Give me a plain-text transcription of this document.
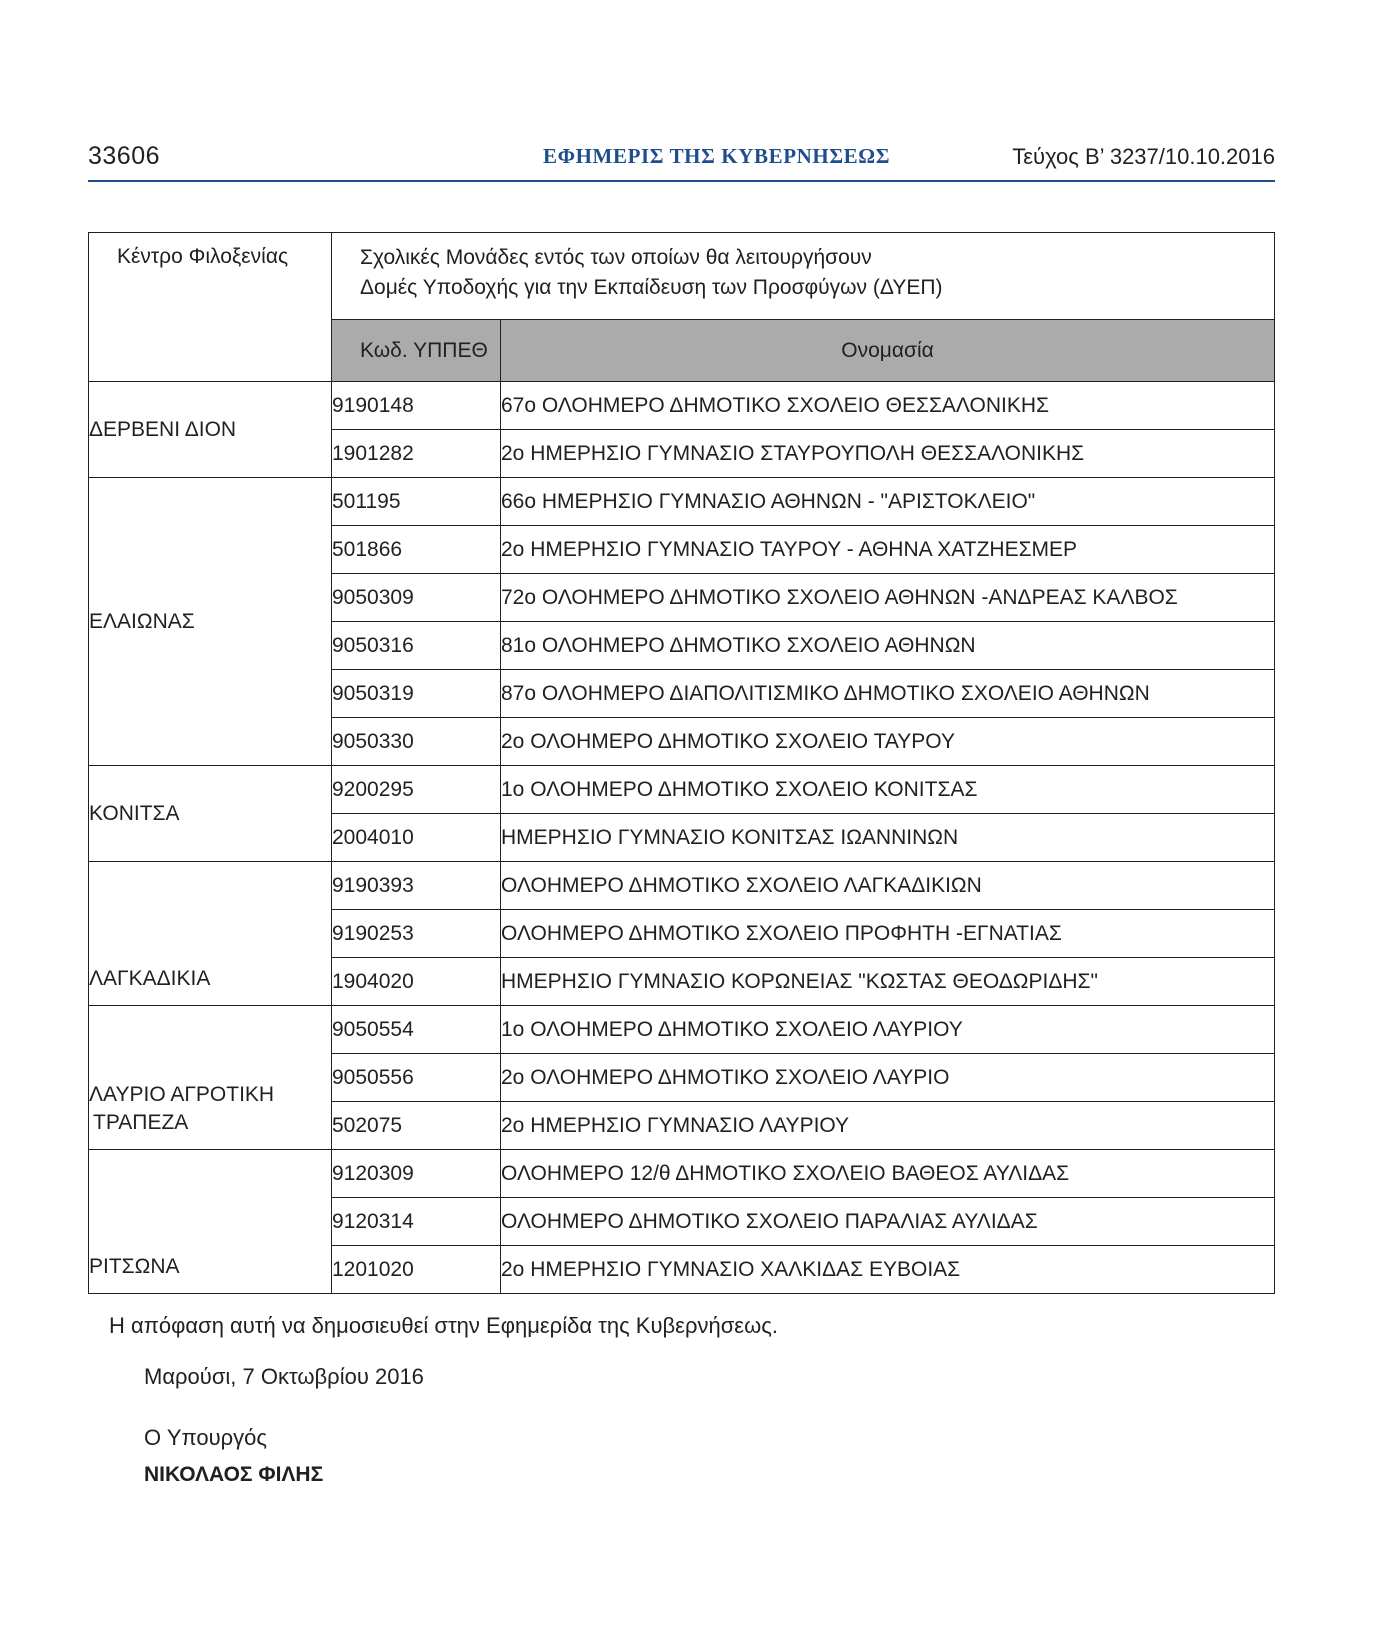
33606	ΕΦΗΜΕΡΙΣ ΤΗΣ ΚΥΒΕΡΝΗΣΕΩΣ	Τεύχος Β’ 3237/10.10.2016
Κέντρο Φιλοξενίας	Σχολικές Μονάδες εντός των οποίων θα λειτουργήσουν
Δομές Υποδοχής για την Εκπαίδευση των Προσφύγων (ΔΥΕΠ)	
	Κωδ. ΥΠΠΕΘ	Ονομασία

ΔΕΡΒΕΝΙ ΔΙΟΝ	9190148	67ο ΟΛΟΗΜΕΡΟ ΔΗΜΟΤΙΚΟ ΣΧΟΛΕΙΟ ΘΕΣΣΑΛΟΝΙΚΗΣ
	1901282	2ο ΗΜΕΡΗΣΙΟ ΓΥΜΝΑΣΙΟ ΣΤΑΥΡΟΥΠΟΛΗ ΘΕΣΣΑΛΟΝΙΚΗΣ

ΕΛΑΙΩΝΑΣ	501195	66ο ΗΜΕΡΗΣΙΟ ΓΥΜΝΑΣΙΟ ΑΘΗΝΩΝ - "ΑΡΙΣΤΟΚΛΕΙΟ"
	501866	2ο ΗΜΕΡΗΣΙΟ ΓΥΜΝΑΣΙΟ ΤΑΥΡΟΥ - ΑΘΗΝΑ ΧΑΤΖΗΕΣΜΕΡ
	9050309	72ο ΟΛΟΗΜΕΡΟ ΔΗΜΟΤΙΚΟ ΣΧΟΛΕΙΟ ΑΘΗΝΩΝ -ΑΝΔΡΕΑΣ ΚΑΛΒΟΣ
	9050316	81ο ΟΛΟΗΜΕΡΟ ΔΗΜΟΤΙΚΟ ΣΧΟΛΕΙΟ ΑΘΗΝΩΝ
	9050319	87ο ΟΛΟΗΜΕΡΟ ΔΙΑΠΟΛΙΤΙΣΜΙΚΟ ΔΗΜΟΤΙΚΟ ΣΧΟΛΕΙΟ ΑΘΗΝΩΝ
	9050330	2ο ΟΛΟΗΜΕΡΟ ΔΗΜΟΤΙΚΟ ΣΧΟΛΕΙΟ ΤΑΥΡΟΥ

ΚΟΝΙΤΣΑ	9200295	1ο ΟΛΟΗΜΕΡΟ ΔΗΜΟΤΙΚΟ ΣΧΟΛΕΙΟ ΚΟΝΙΤΣΑΣ
	2004010	ΗΜΕΡΗΣΙΟ ΓΥΜΝΑΣΙΟ ΚΟΝΙΤΣΑΣ ΙΩΑΝΝΙΝΩΝ

ΛΑΓΚΑΔΙΚΙΑ	9190393	ΟΛΟΗΜΕΡΟ ΔΗΜΟΤΙΚΟ ΣΧΟΛΕΙΟ ΛΑΓΚΑΔΙΚΙΩΝ
	9190253	ΟΛΟΗΜΕΡΟ ΔΗΜΟΤΙΚΟ ΣΧΟΛΕΙΟ ΠΡΟΦΗΤΗ -ΕΓΝΑΤΙΑΣ
	1904020	ΗΜΕΡΗΣΙΟ ΓΥΜΝΑΣΙΟ ΚΟΡΩΝΕΙΑΣ "ΚΩΣΤΑΣ ΘΕΟΔΩΡΙΔΗΣ"

ΛΑΥΡΙΟ ΑΓΡΟΤΙΚΗ
ΤΡΑΠΕΖΑ	9050554	1ο ΟΛΟΗΜΕΡΟ ΔΗΜΟΤΙΚΟ ΣΧΟΛΕΙΟ ΛΑΥΡΙΟΥ
	9050556	2ο ΟΛΟΗΜΕΡΟ ΔΗΜΟΤΙΚΟ ΣΧΟΛΕΙΟ ΛΑΥΡΙΟ
	502075	2ο ΗΜΕΡΗΣΙΟ ΓΥΜΝΑΣΙΟ ΛΑΥΡΙΟΥ

ΡΙΤΣΩΝΑ	9120309	ΟΛΟΗΜΕΡΟ 12/θ ΔΗΜΟΤΙΚΟ ΣΧΟΛΕΙΟ ΒΑΘΕΟΣ ΑΥΛΙΔΑΣ
	9120314	ΟΛΟΗΜΕΡΟ ΔΗΜΟΤΙΚΟ ΣΧΟΛΕΙΟ ΠΑΡΑΛΙΑΣ ΑΥΛΙΔΑΣ
	1201020	2ο ΗΜΕΡΗΣΙΟ ΓΥΜΝΑΣΙΟ ΧΑΛΚΙΔΑΣ ΕΥΒΟΙΑΣ
Η απόφαση αυτή να δημοσιευθεί στην Εφημερίδα της Κυβερνήσεως.
Μαρούσι, 7 Οκτωβρίου 2016
Ο Υπουργός
ΝΙΚΟΛΑΟΣ ΦΙΛΗΣ
